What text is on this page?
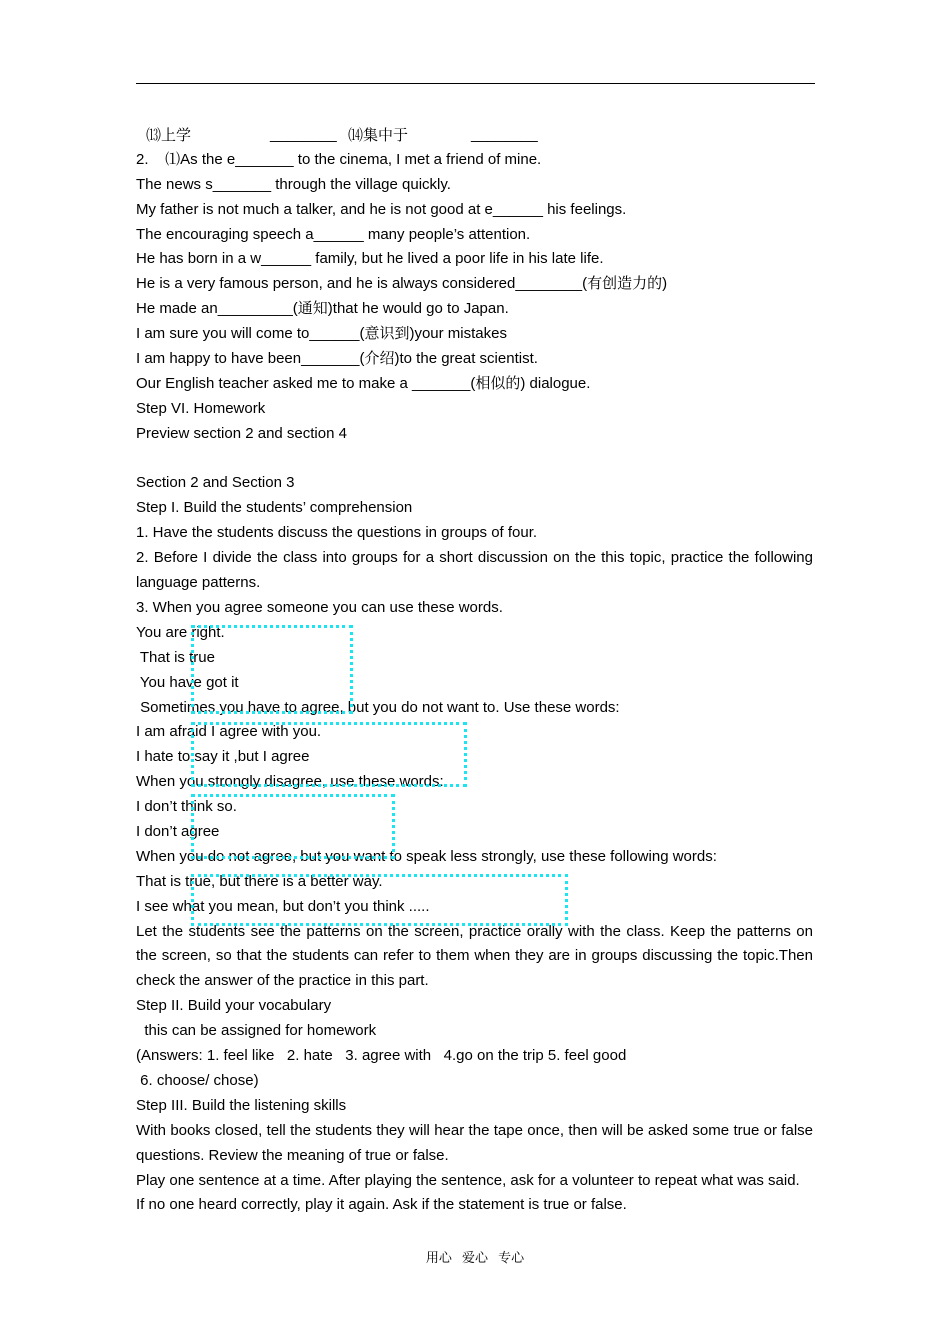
⒀上学	________ ⒁集中于	________
2.    ⑴As the e_______ to the cinema, I met a friend of mine.
The news s_______ through the village quickly.
My father is not much a talker, and he is not good at e______ his feelings.
The encouraging speech a______ many people’s attention.
He has born in a w______ family, but he lived a poor life in his late life.
He is a very famous person, and he is always considered________(有创造力的)
He made an_________(通知)that he would go to Japan.
I am sure you will come to______(意识到)your mistakes
I am happy to have been_______(介绍)to the great scientist.
Our English teacher asked me to make a _______(相似的) dialogue.
Step VI. Homework
Preview section 2 and section 4
Section 2 and Section 3
Step I. Build the students’ comprehension
1. Have the students discuss the questions in groups of four.
2. Before I divide the class into groups for a short discussion on the this topic, practice the following language patterns.
3. When you agree someone you can use these words.
You are right.
That is true
You have got it
Sometimes you have to agree, but you do not want to. Use these words:
I am afraid I agree with you.
I hate to say it ,but I agree
When you strongly disagree, use these words:
I don’t think so.
I don’t agree
When you do not agree, but you want to speak less strongly, use these following words:
That is true, but there is a better way.
I see what you mean, but don’t you think .....
Let the students see the patterns on the screen, practice orally with the class. Keep the patterns on the screen, so that the students can refer to them when they are in groups discussing the topic.Then check the answer of the practice in this part.
Step II. Build your vocabulary
this can be assigned for homework
(Answers: 1. feel like   2. hate   3. agree with   4.go on the trip 5. feel good
6. choose/ chose)
Step III. Build the listening skills
With books closed, tell the students they will hear the tape once, then will be asked some true or false questions. Review the meaning of true or false.
Play one sentence at a time. After playing the sentence, ask for a volunteer to repeat what was said.
If no one heard correctly, play it again. Ask if the statement is true or false.
用心 爱心 专心
